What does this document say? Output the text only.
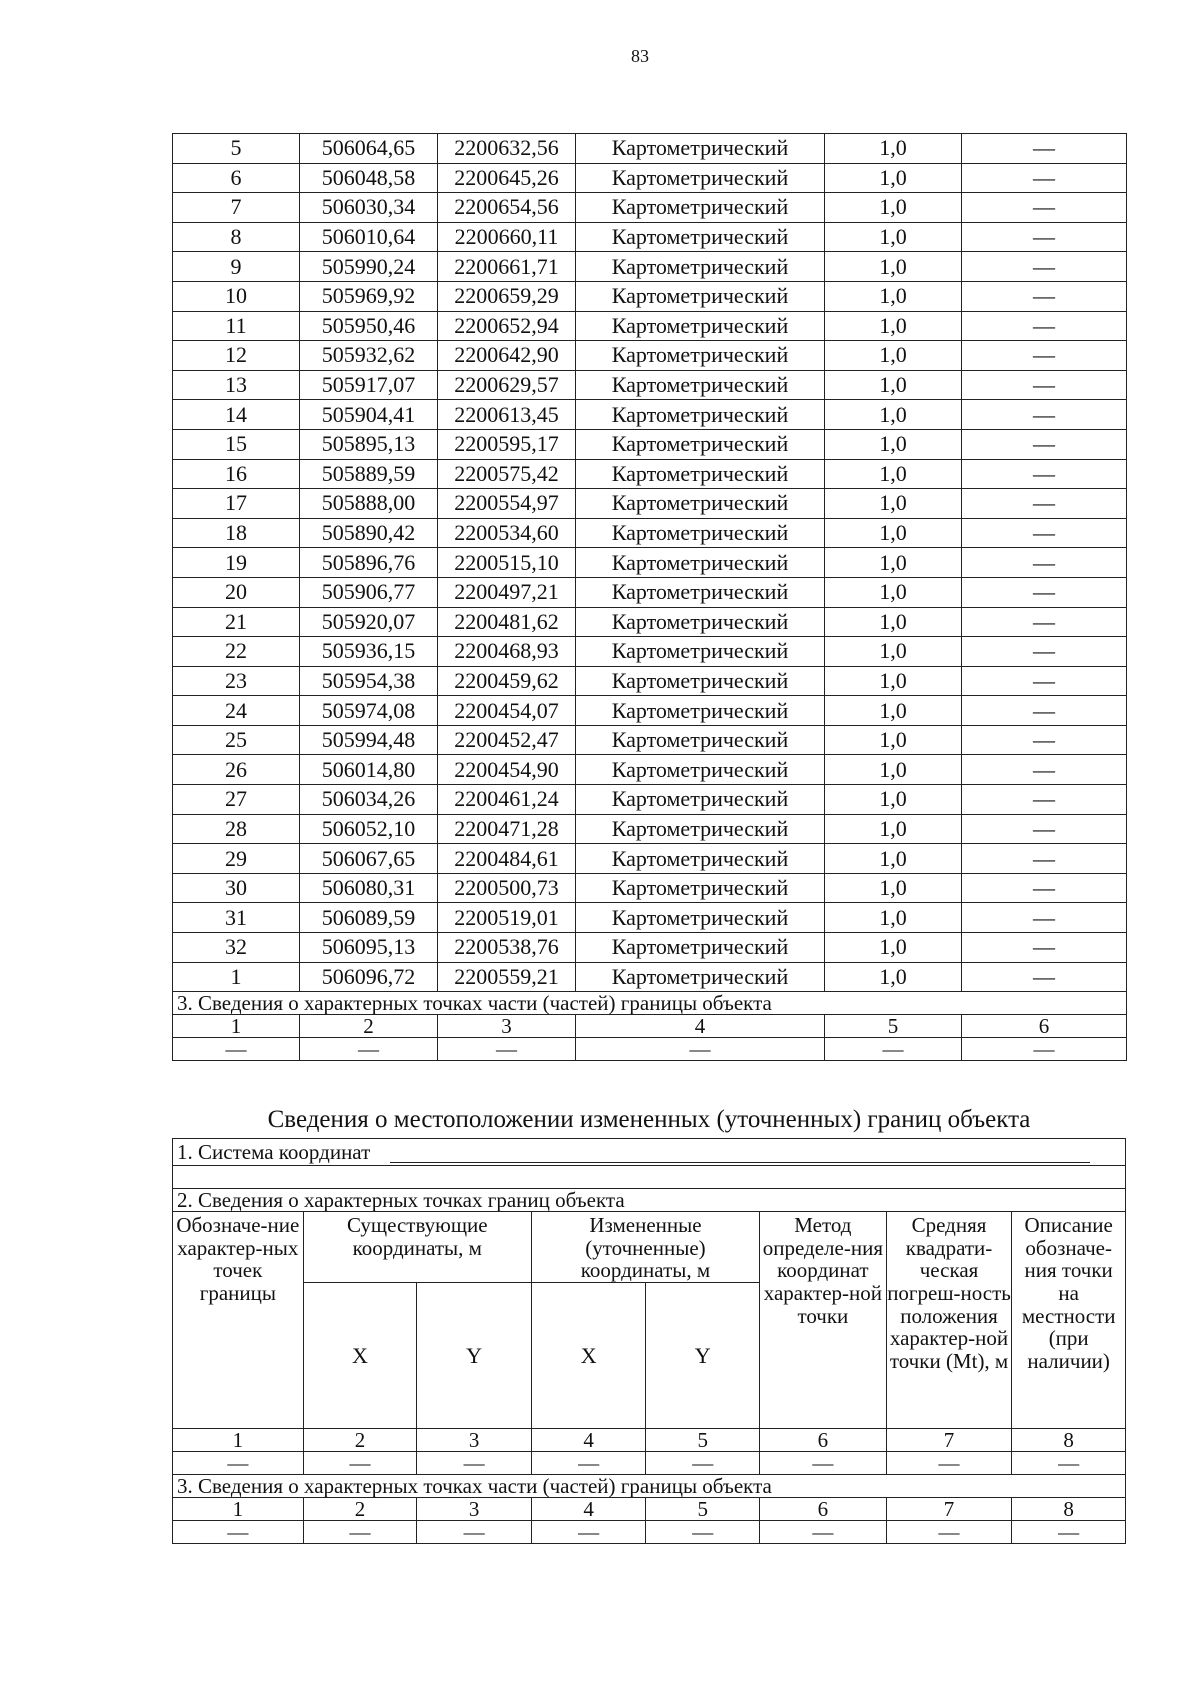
83
5	506064,65	2200632,56	Картометрический	1,0	—
6	506048,58	2200645,26	Картометрический	1,0	—
7	506030,34	2200654,56	Картометрический	1,0	—
8	506010,64	2200660,11	Картометрический	1,0	—
9	505990,24	2200661,71	Картометрический	1,0	—
10	505969,92	2200659,29	Картометрический	1,0	—
11	505950,46	2200652,94	Картометрический	1,0	—
12	505932,62	2200642,90	Картометрический	1,0	—
13	505917,07	2200629,57	Картометрический	1,0	—
14	505904,41	2200613,45	Картометрический	1,0	—
15	505895,13	2200595,17	Картометрический	1,0	—
16	505889,59	2200575,42	Картометрический	1,0	—
17	505888,00	2200554,97	Картометрический	1,0	—
18	505890,42	2200534,60	Картометрический	1,0	—
19	505896,76	2200515,10	Картометрический	1,0	—
20	505906,77	2200497,21	Картометрический	1,0	—
21	505920,07	2200481,62	Картометрический	1,0	—
22	505936,15	2200468,93	Картометрический	1,0	—
23	505954,38	2200459,62	Картометрический	1,0	—
24	505974,08	2200454,07	Картометрический	1,0	—
25	505994,48	2200452,47	Картометрический	1,0	—
26	506014,80	2200454,90	Картометрический	1,0	—
27	506034,26	2200461,24	Картометрический	1,0	—
28	506052,10	2200471,28	Картометрический	1,0	—
29	506067,65	2200484,61	Картометрический	1,0	—
30	506080,31	2200500,73	Картометрический	1,0	—
31	506089,59	2200519,01	Картометрический	1,0	—
32	506095,13	2200538,76	Картометрический	1,0	—
1	506096,72	2200559,21	Картометрический	1,0	—
3. Сведения о характерных точках части (частей) границы объекта					
1	2	3	4	5	6
—	—	—	—	—	—
Сведения о местоположении измененных (уточненных) границ объекта
1. Система координат							

2. Сведения о характерных точках границ объекта							
Обозначе-ние характер-ных точек границы	Существующие координаты, м		Измененные (уточненные) координаты, м		Метод определе-ния координат характер-ной точки	Средняя квадрати-ческая погреш-ность положения характер-ной точки (Mt), м	Описание обозначе-ния точки на местности (при наличии)
	X	Y	X	Y			
1	2	3	4	5	6	7	8
—	—	—	—	—	—	—	—
3. Сведения о характерных точках части (частей) границы объекта							
1	2	3	4	5	6	7	8
—	—	—	—	—	—	—	—
